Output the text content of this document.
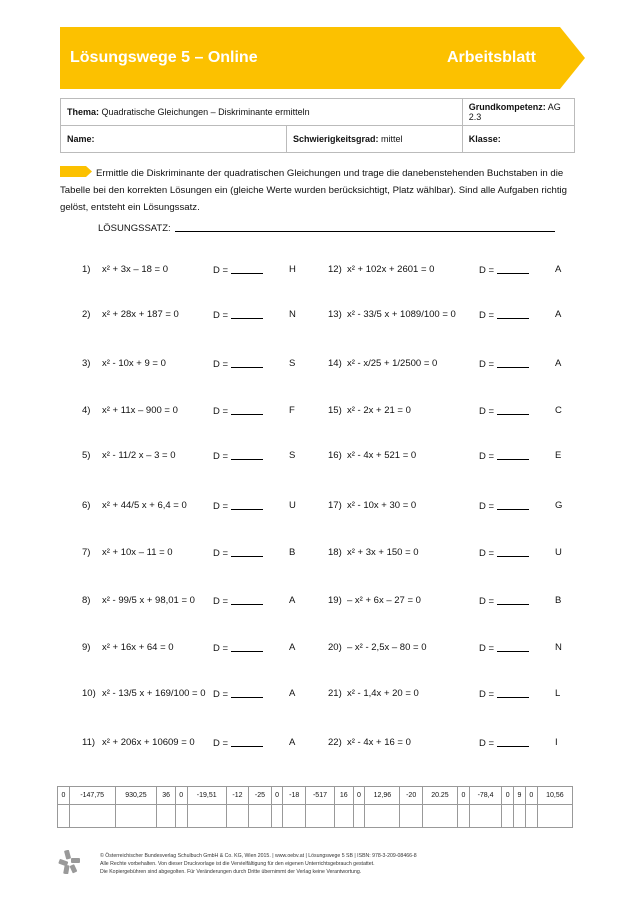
Lösungswege 5 – Online	Arbeitsblatt
Thema: Quadratische Gleichungen – Diskriminante ermitteln		Grundkompetenz: AG 2.3
Name:	Schwierigkeitsgrad: mittel	Klasse:
Ermittle die Diskriminante der quadratischen Gleichungen und trage die danebenstehenden Buchstaben in die Tabelle bei den korrekten Lösungen ein (gleiche Werte wurden berücksichtigt, Platz wählbar). Sind alle Aufgaben richtig gelöst, entsteht ein Lösungssatz.
LÖSUNGSSATZ:
1) x² + 3x – 18 = 0	D =	H
2) x² + 28x + 187 = 0	D =	N
3) x² - 10x + 9 = 0	D =	S
4) x² + 11x – 900 = 0	D =	F
5) x² - 11/2 x – 3 = 0	D =	S
6) x² + 44/5 x + 6,4 = 0	D =	U
7) x² + 10x – 11 = 0	D =	B
8) x² - 99/5 x + 98,01 = 0 D =	A
9) x² + 16x + 64 = 0	D =	A
10) x² - 13/5 x + 169/100 = 0 D =	A
11) x² + 206x + 10609 = 0 D =	A
12) x² + 102x + 2601 = 0	D =	A
13) x² - 33/5 x + 1089/100 = 0 D =	A
14) x² - x/25 + 1/2500 = 0	D =	A
15) x² - 2x + 21 = 0	D =	C
16) x² - 4x + 521 = 0	D =	E
17) x² - 10x + 30 = 0	D =	G
18) x² + 3x + 150 = 0	D =	U
19) – x² + 6x – 27 = 0	D =	B
20) – x² - 2,5x – 80 = 0	D =	N
21) x² - 1,4x + 20 = 0	D =	L
22) x² - 4x + 16 = 0	D =	I
0	-147,75	930,25	36	0	-19,51	-12	-25	0	-18	-517	16	0	12,96	-20	20.25	0	-78,4	0	9	0	10,56

© Österreichischer Bundesverlag Schulbuch GmbH & Co. KG, Wien 2015. | www.oebv.at | Lösungswege 5 SB | ISBN: 978-3-209-08466-8
Alle Rechte vorbehalten. Von dieser Druckvorlage ist die Vervielfältigung für den eigenen Unterrichtsgebrauch gestattet.
Die Kopiergebühren sind abgegolten. Für Veränderungen durch Dritte übernimmt der Verlag keine Verantwortung.
